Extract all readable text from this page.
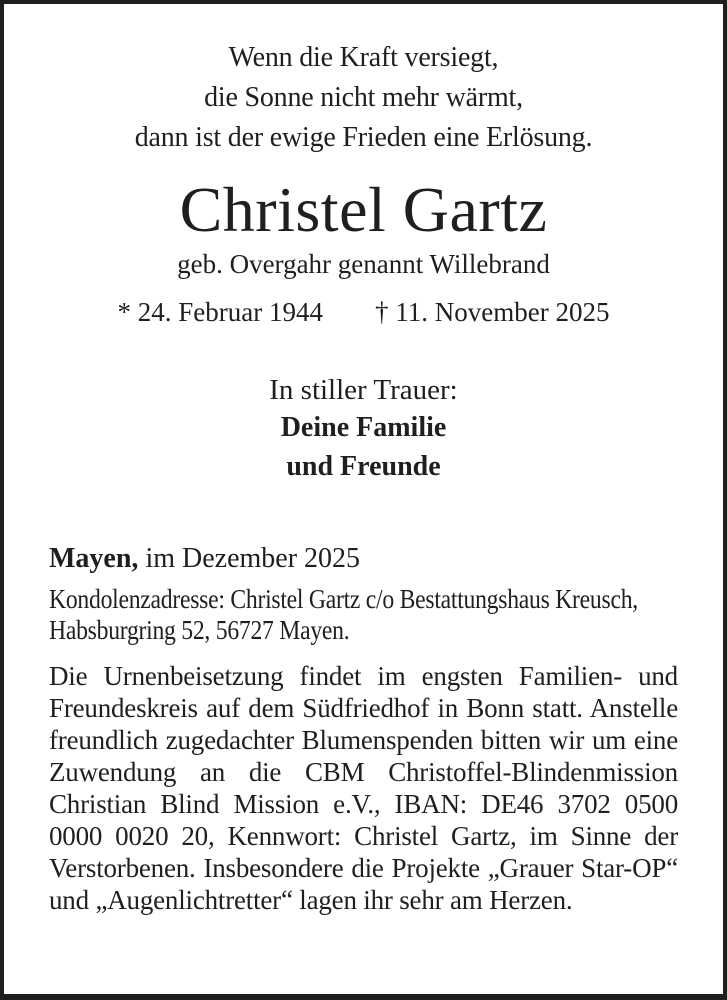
Wenn die Kraft versiegt,
die Sonne nicht mehr wärmt,
dann ist der ewige Frieden eine Erlösung.
Christel Gartz
geb. Overgahr genannt Willebrand
* 24. Februar 1944 † 11. November 2025
In stiller Trauer:
Deine Familie
und Freunde

Mayen, im Dezember 2025

Kondolenzadresse: Christel Gartz c/o Bestattungshaus Kreusch, Habsburgring 52, 56727 Mayen.

Die Urnenbeisetzung findet im engsten Familien- und Freundeskreis auf dem Südfriedhof in Bonn statt. Anstelle freundlich zugedachter Blumenspenden bitten wir um eine Zuwendung an die CBM Christoffel-Blindenmission Christian Blind Mission e.V., IBAN: DE46 3702 0500 0000 0020 20, Kennwort: Christel Gartz, im Sinne der Verstorbenen. Insbesondere die Projekte „Grauer Star-OP“ und „Augenlichtretter“ lagen ihr sehr am Herzen.
